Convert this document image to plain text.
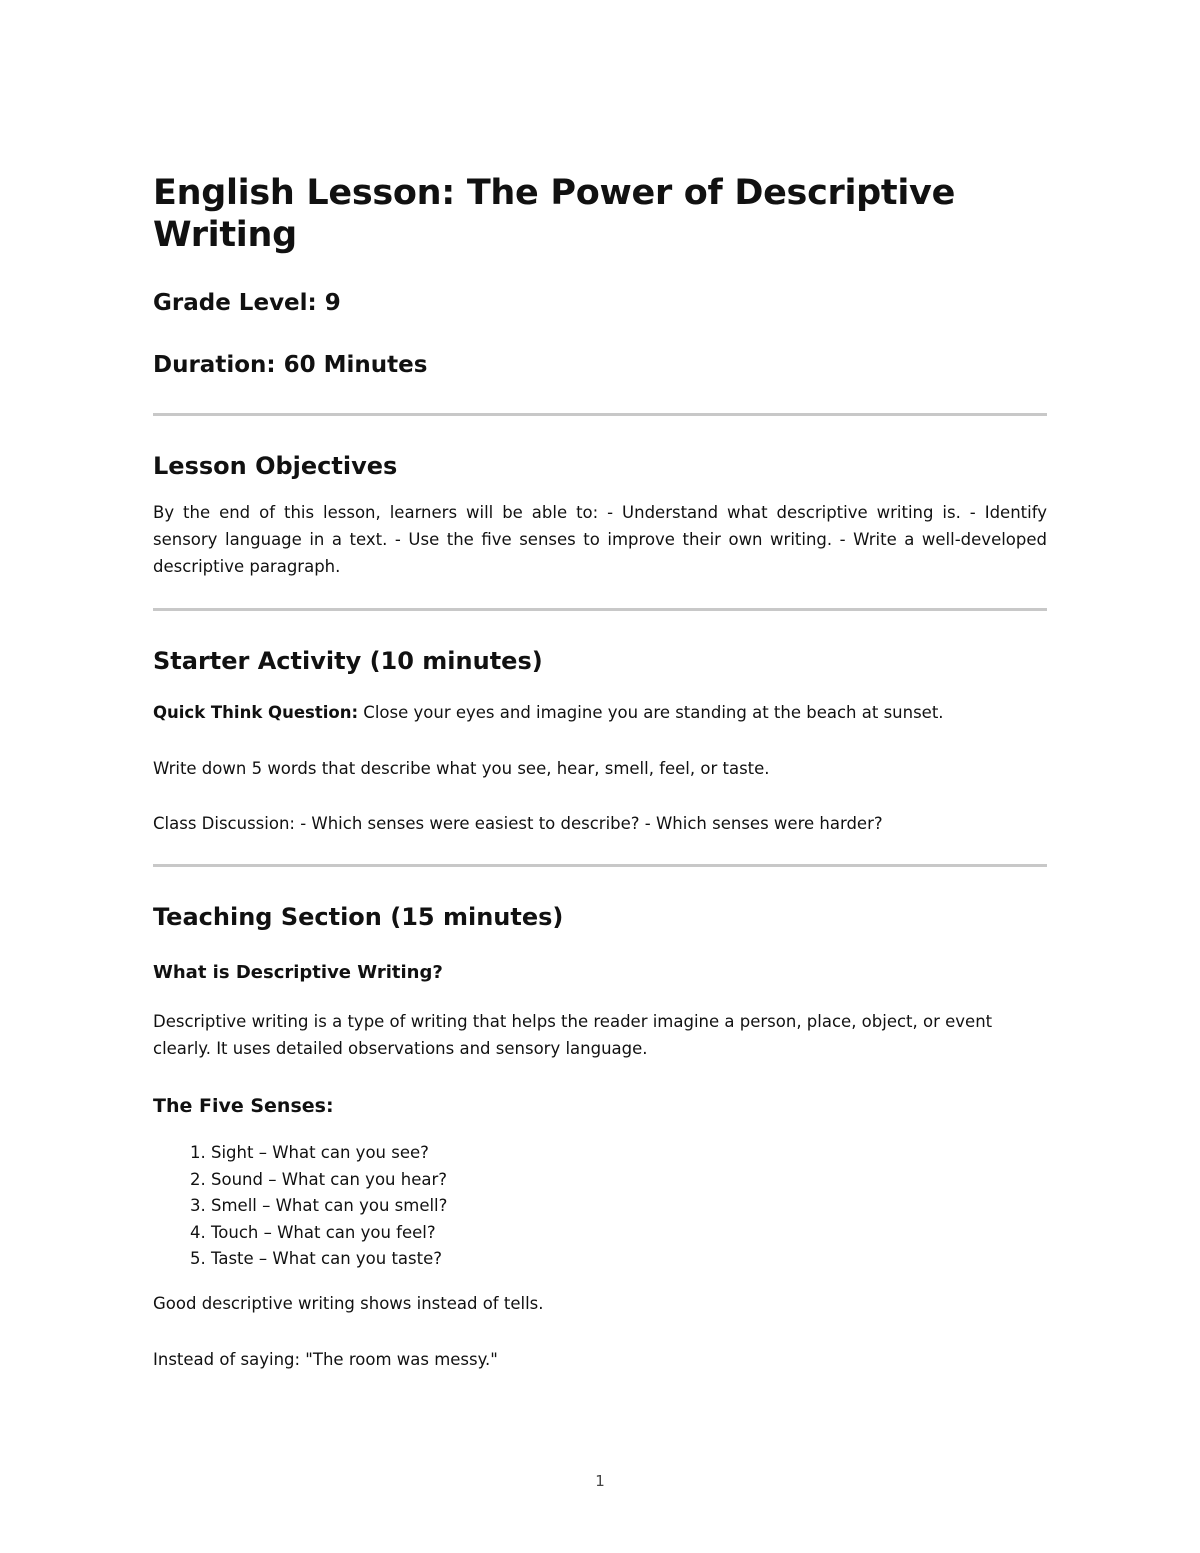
English Lesson: The Power of Descriptive Writing
Grade Level: 9
Duration: 60 Minutes
Lesson Objectives

By the end of this lesson, learners will be able to: - Understand what descriptive writing is. - Identify sensory language in a text. - Use the five senses to improve their own writing. - Write a well-developed descriptive paragraph.

Starter Activity (10 minutes)

Quick Think Question: Close your eyes and imagine you are standing at the beach at sunset.

Write down 5 words that describe what you see, hear, smell, feel, or taste.

Class Discussion: - Which senses were easiest to describe? - Which senses were harder?

Teaching Section (15 minutes)
What is Descriptive Writing?

Descriptive writing is a type of writing that helps the reader imagine a person, place, object, or event clearly. It uses detailed observations and sensory language.

The Five Senses:
1. Sight – What can you see?
2. Sound – What can you hear?
3. Smell – What can you smell?
4. Touch – What can you feel?
5. Taste – What can you taste?

Good descriptive writing shows instead of tells.

Instead of saying: "The room was messy."

1
